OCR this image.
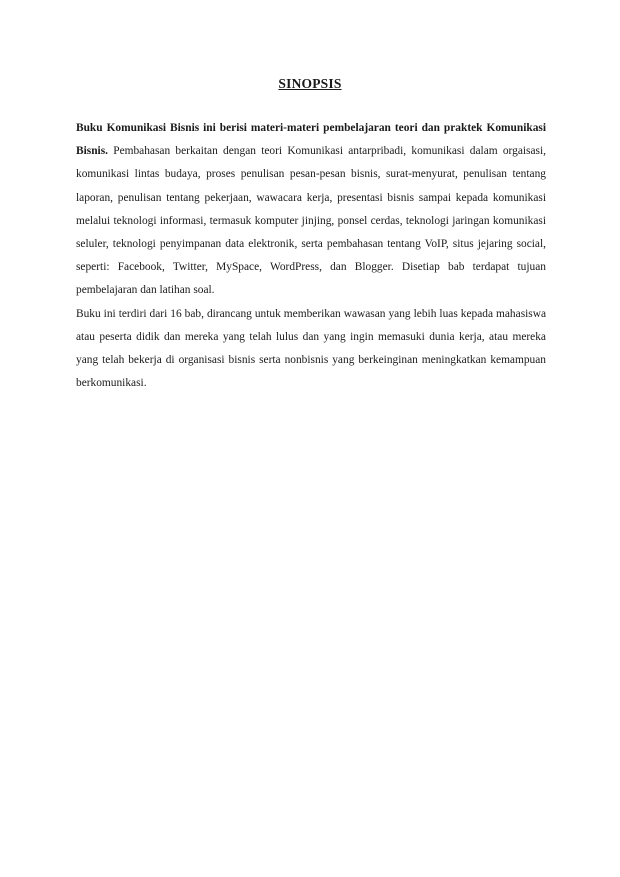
SINOPSIS

Buku Komunikasi Bisnis ini berisi materi-materi pembelajaran teori dan praktek Komunikasi Bisnis. Pembahasan berkaitan dengan teori Komunikasi antarpribadi, komunikasi dalam orgaisasi, komunikasi lintas budaya, proses penulisan pesan-pesan bisnis, surat-menyurat, penulisan tentang laporan, penulisan tentang pekerjaan, wawacara kerja, presentasi bisnis sampai kepada komunikasi melalui teknologi informasi, termasuk komputer jinjing, ponsel cerdas, teknologi jaringan komunikasi seluler, teknologi penyimpanan data elektronik, serta pembahasan tentang VoIP, situs jejaring social, seperti: Facebook, Twitter, MySpace, WordPress, dan Blogger. Disetiap bab terdapat tujuan pembelajaran dan latihan soal.

Buku ini terdiri dari 16 bab, dirancang untuk memberikan wawasan yang lebih luas kepada mahasiswa atau peserta didik dan mereka yang telah lulus dan yang ingin memasuki dunia kerja, atau mereka yang telah bekerja di organisasi bisnis serta nonbisnis yang berkeinginan meningkatkan kemampuan berkomunikasi.
